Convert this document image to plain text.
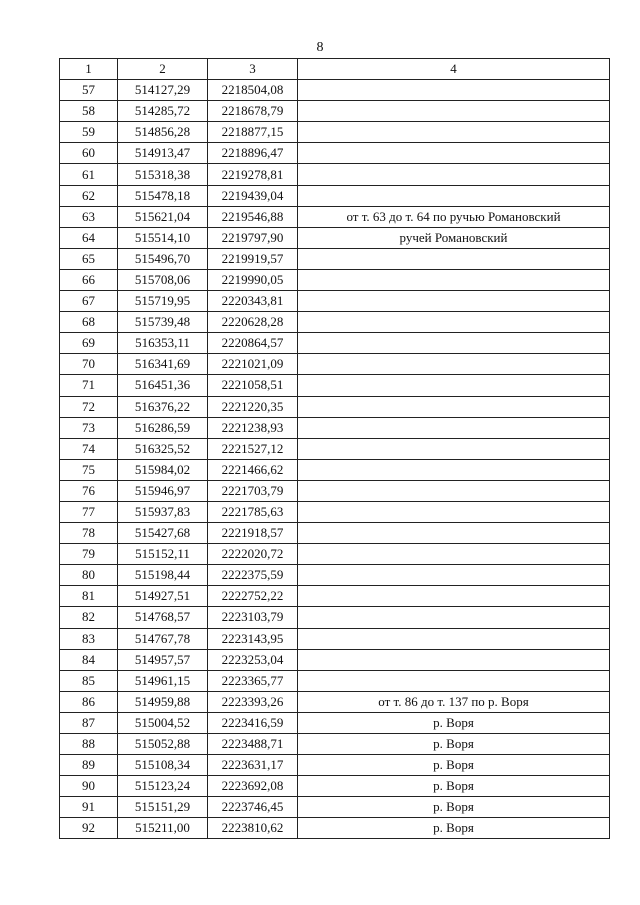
8
1	2	3	4
57	514127,29	2218504,08	
58	514285,72	2218678,79	
59	514856,28	2218877,15	
60	514913,47	2218896,47	
61	515318,38	2219278,81	
62	515478,18	2219439,04	
63	515621,04	2219546,88	от т. 63 до т. 64 по ручью Романовский
64	515514,10	2219797,90	ручей Романовский
65	515496,70	2219919,57	
66	515708,06	2219990,05	
67	515719,95	2220343,81	
68	515739,48	2220628,28	
69	516353,11	2220864,57	
70	516341,69	2221021,09	
71	516451,36	2221058,51	
72	516376,22	2221220,35	
73	516286,59	2221238,93	
74	516325,52	2221527,12	
75	515984,02	2221466,62	
76	515946,97	2221703,79	
77	515937,83	2221785,63	
78	515427,68	2221918,57	
79	515152,11	2222020,72	
80	515198,44	2222375,59	
81	514927,51	2222752,22	
82	514768,57	2223103,79	
83	514767,78	2223143,95	
84	514957,57	2223253,04	
85	514961,15	2223365,77	
86	514959,88	2223393,26	от т. 86 до т. 137 по р. Воря
87	515004,52	2223416,59	р. Воря
88	515052,88	2223488,71	р. Воря
89	515108,34	2223631,17	р. Воря
90	515123,24	2223692,08	р. Воря
91	515151,29	2223746,45	р. Воря
92	515211,00	2223810,62	р. Воря
